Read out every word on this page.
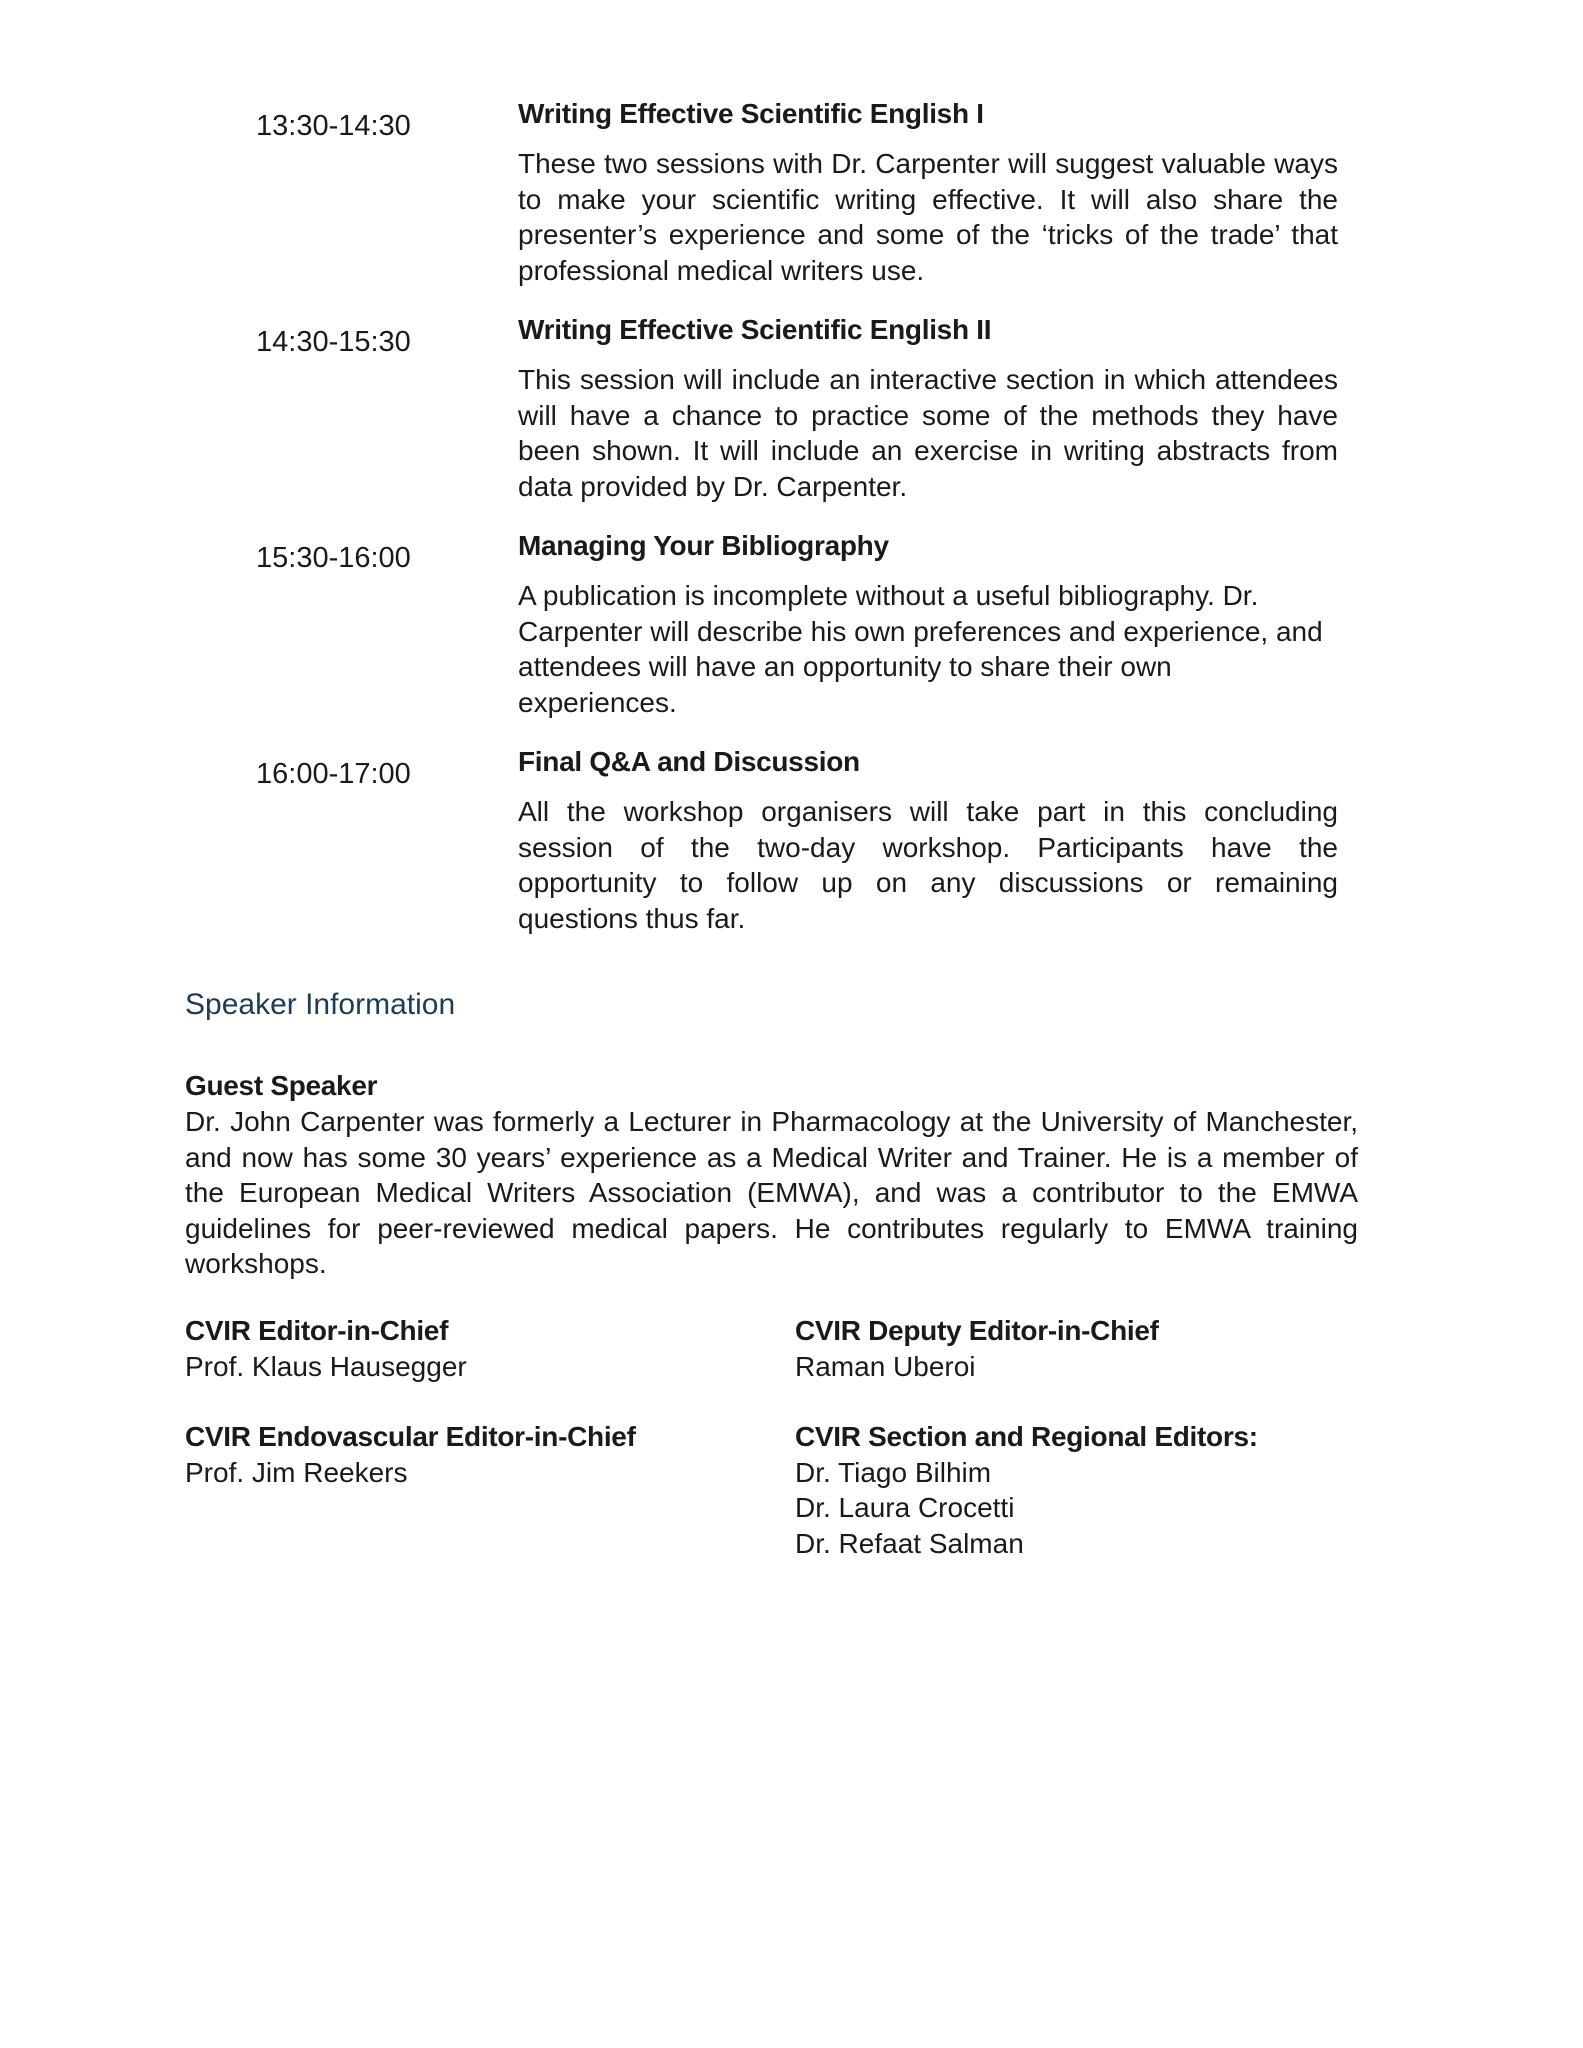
13:30-14:30	Writing Effective Scientific English I

These two sessions with Dr. Carpenter will suggest valuable ways to make your scientific writing effective. It will also share the presenter’s experience and some of the ‘tricks of the trade’ that professional medical writers use.

14:30-15:30	Writing Effective Scientific English II

This session will include an interactive section in which attendees will have a chance to practice some of the methods they have been shown. It will include an exercise in writing abstracts from data provided by Dr. Carpenter.

15:30-16:00	Managing Your Bibliography

A publication is incomplete without a useful bibliography. Dr. Carpenter will describe his own preferences and experience, and attendees will have an opportunity to share their own experiences.

16:00-17:00	Final Q&A and Discussion

All the workshop organisers will take part in this concluding session of the two-day workshop. Participants have the opportunity to follow up on any discussions or remaining questions thus far.

Speaker Information

Guest Speaker

Dr. John Carpenter was formerly a Lecturer in Pharmacology at the University of Manchester, and now has some 30 years’ experience as a Medical Writer and Trainer. He is a member of the European Medical Writers Association (EMWA), and was a contributor to the EMWA guidelines for peer-reviewed medical papers. He contributes regularly to EMWA training workshops.

CVIR Editor-in-Chief

Prof. Klaus Hausegger

CVIR Deputy Editor-in-Chief

Raman Uberoi

CVIR Endovascular Editor-in-Chief

Prof. Jim Reekers

CVIR Section and Regional Editors:

Dr. Tiago Bilhim

Dr. Laura Crocetti

Dr. Refaat Salman
